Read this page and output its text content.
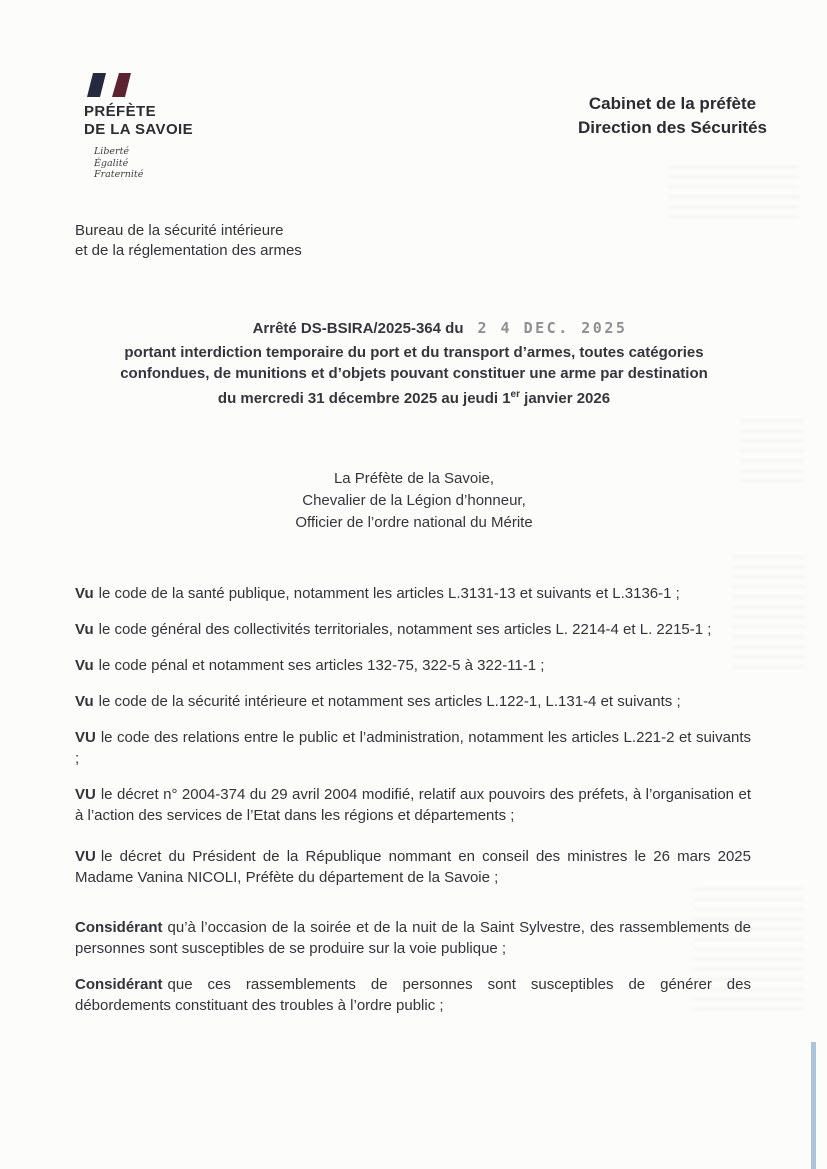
PRÉFÈTE
DE LA SAVOIE
Liberté
Égalité
Fraternité
Cabinet de la préfète
Direction des Sécurités
Bureau de la sécurité intérieure
et de la réglementation des armes
Arrêté DS-BSIRA/2025-364 du 2 4 DEC. 2025
portant interdiction temporaire du port et du transport d’armes, toutes catégories
confondues, de munitions et d’objets pouvant constituer une arme par destination
du mercredi 31 décembre 2025 au jeudi 1er janvier 2026
La Préfète de la Savoie,
Chevalier de la Légion d’honneur,
Officier de l’ordre national du Mérite

Vu le code de la santé publique, notamment les articles L.3131-13 et suivants et L.3136-1 ;

Vu le code général des collectivités territoriales, notamment ses articles L. 2214-4 et L. 2215-1 ;

Vu le code pénal et notamment ses articles 132-75, 322-5 à 322-11-1 ;

Vu le code de la sécurité intérieure et notamment ses articles L.122-1, L.131-4 et suivants ;

VU le code des relations entre le public et l’administration, notamment les articles L.221-2 et suivants ;

VU le décret n° 2004-374 du 29 avril 2004 modifié, relatif aux pouvoirs des préfets, à l’organisation et à l’action des services de l’Etat dans les régions et départements ;

VU le décret du Président de la République nommant en conseil des ministres le 26 mars 2025 Madame Vanina NICOLI, Préfète du département de la Savoie ;

Considérant qu’à l’occasion de la soirée et de la nuit de la Saint Sylvestre, des rassemblements de personnes sont susceptibles de se produire sur la voie publique ;

Considérant que ces rassemblements de personnes sont susceptibles de générer des débordements constituant des troubles à l’ordre public ;
